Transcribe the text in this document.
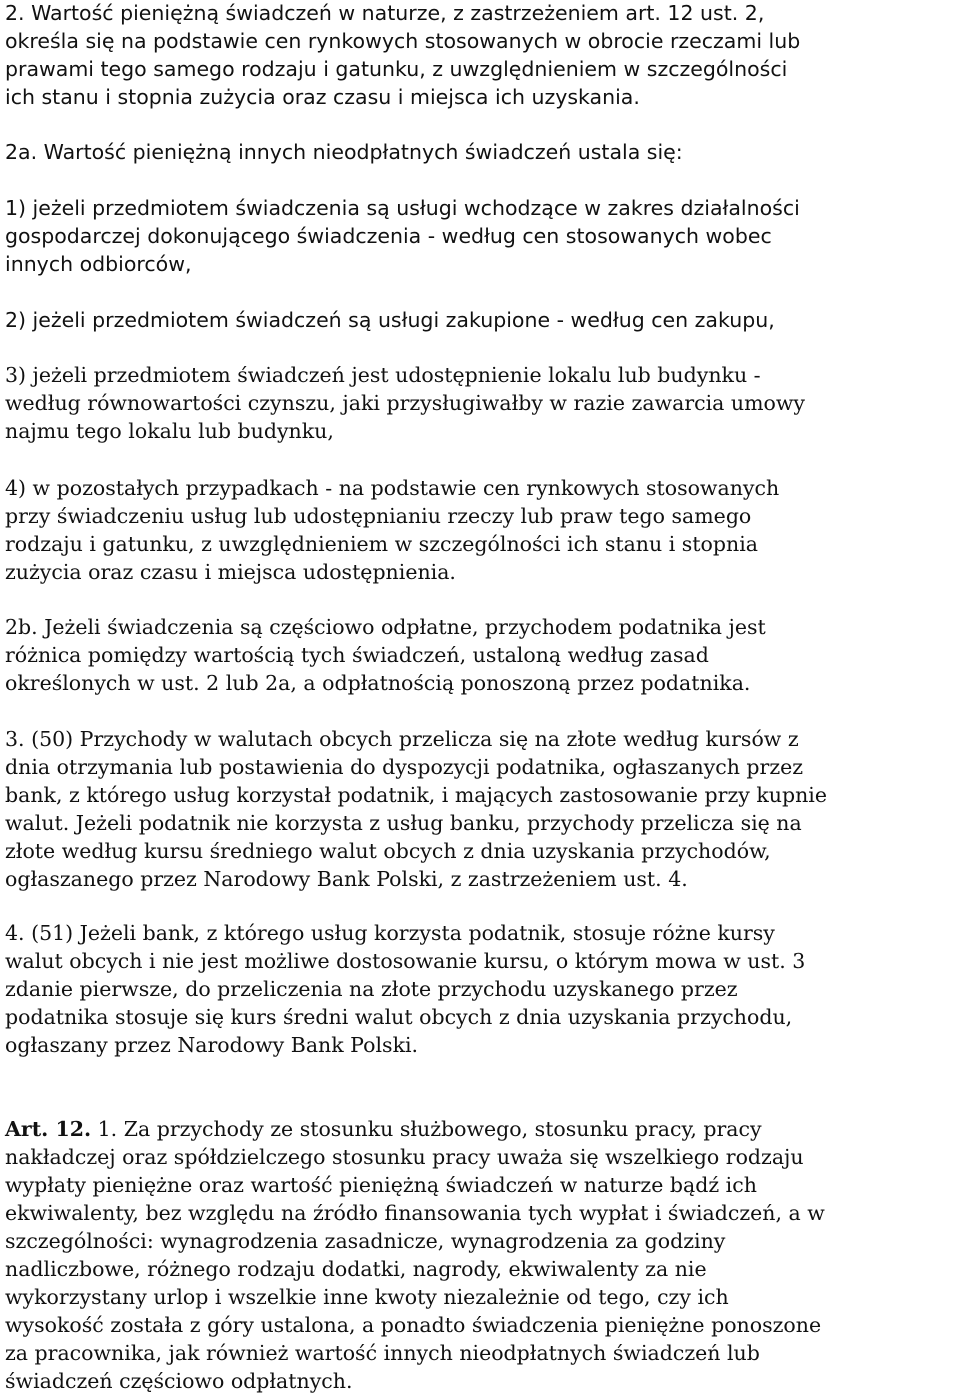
2. Wartość pieniężną świadczeń w naturze, z zastrzeżeniem art. 12 ust. 2,
określa się na podstawie cen rynkowych stosowanych w obrocie rzeczami lub
prawami tego samego rodzaju i gatunku, z uwzględnieniem w szczególności
ich stanu i stopnia zużycia oraz czasu i miejsca ich uzyskania.
2a. Wartość pieniężną innych nieodpłatnych świadczeń ustala się:
1) jeżeli przedmiotem świadczenia są usługi wchodzące w zakres działalności
gospodarczej dokonującego świadczenia - według cen stosowanych wobec
innych odbiorców,
2) jeżeli przedmiotem świadczeń są usługi zakupione - według cen zakupu,
3) jeżeli przedmiotem świadczeń jest udostępnienie lokalu lub budynku -
według równowartości czynszu, jaki przysługiwałby w razie zawarcia umowy
najmu tego lokalu lub budynku,
4) w pozostałych przypadkach - na podstawie cen rynkowych stosowanych
przy świadczeniu usług lub udostępnianiu rzeczy lub praw tego samego
rodzaju i gatunku, z uwzględnieniem w szczególności ich stanu i stopnia
zużycia oraz czasu i miejsca udostępnienia.
2b. Jeżeli świadczenia są częściowo odpłatne, przychodem podatnika jest
różnica pomiędzy wartością tych świadczeń, ustaloną według zasad
określonych w ust. 2 lub 2a, a odpłatnością ponoszoną przez podatnika.
3. (50) Przychody w walutach obcych przelicza się na złote według kursów z
dnia otrzymania lub postawienia do dyspozycji podatnika, ogłaszanych przez
bank, z którego usług korzystał podatnik, i mających zastosowanie przy kupnie
walut. Jeżeli podatnik nie korzysta z usług banku, przychody przelicza się na
złote według kursu średniego walut obcych z dnia uzyskania przychodów,
ogłaszanego przez Narodowy Bank Polski, z zastrzeżeniem ust. 4.
4. (51) Jeżeli bank, z którego usług korzysta podatnik, stosuje różne kursy
walut obcych i nie jest możliwe dostosowanie kursu, o którym mowa w ust. 3
zdanie pierwsze, do przeliczenia na złote przychodu uzyskanego przez
podatnika stosuje się kurs średni walut obcych z dnia uzyskania przychodu,
ogłaszany przez Narodowy Bank Polski.
Art. 12. 1. Za przychody ze stosunku służbowego, stosunku pracy, pracy
nakładczej oraz spółdzielczego stosunku pracy uważa się wszelkiego rodzaju
wypłaty pieniężne oraz wartość pieniężną świadczeń w naturze bądź ich
ekwiwalenty, bez względu na źródło finansowania tych wypłat i świadczeń, a w
szczególności: wynagrodzenia zasadnicze, wynagrodzenia za godziny
nadliczbowe, różnego rodzaju dodatki, nagrody, ekwiwalenty za nie
wykorzystany urlop i wszelkie inne kwoty niezależnie od tego, czy ich
wysokość została z góry ustalona, a ponadto świadczenia pieniężne ponoszone
za pracownika, jak również wartość innych nieodpłatnych świadczeń lub
świadczeń częściowo odpłatnych.
